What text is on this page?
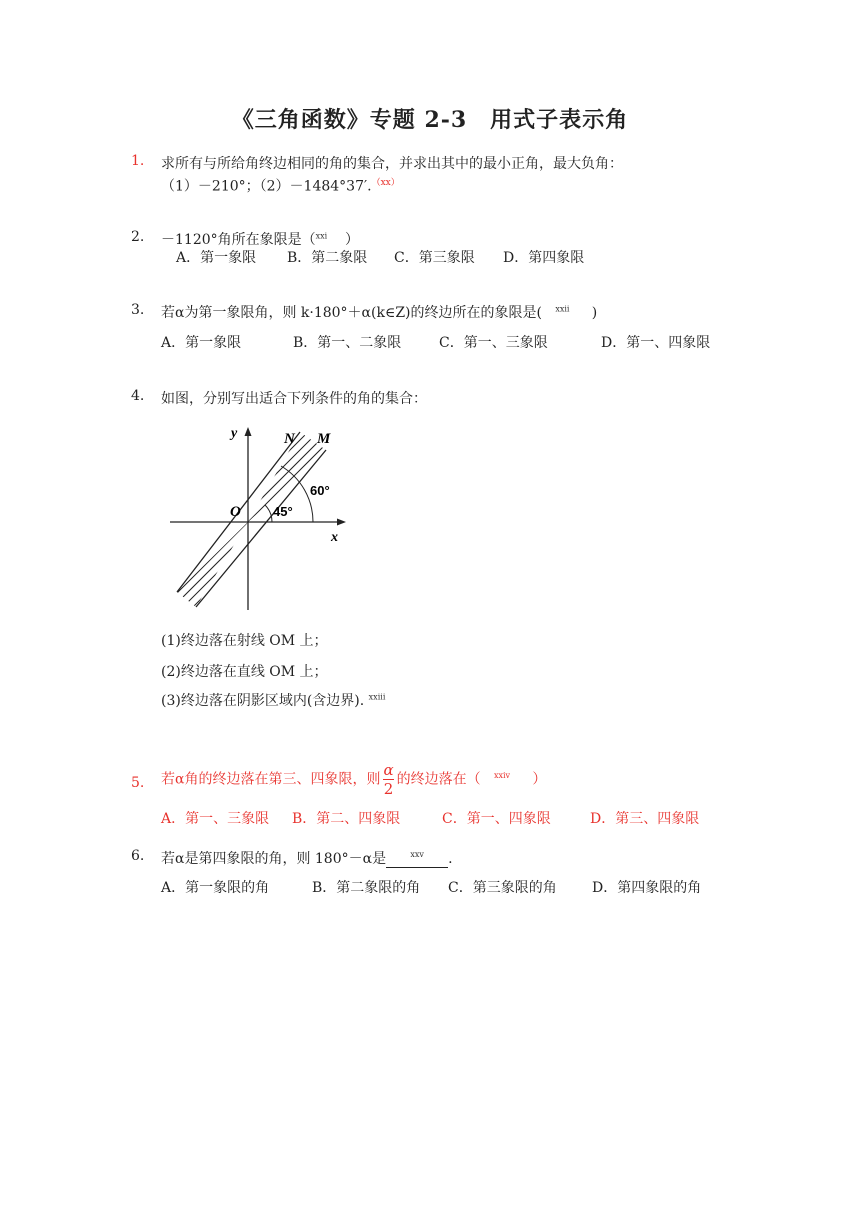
《三角函数》专题 2-3　用式子表示角
1. 求所有与所给角终边相同的角的集合，并求出其中的最小正角，最大负角：
（1）－210°；（2）－1484°37′.$^{(xx)}$
2. －1120°角所在象限是（$^{xxi}$ ）
A．第一象限 B．第二象限 C．第三象限 D．第四象限
3. 若α为第一象限角，则 k·180°＋α(k∈Z)的终边所在的象限是( $^{xxii}$ )
A．第一象限	B．第一、二象限	C．第一、三象限	D．第一、四象限
4. 如图，分别写出适合下列条件的角的集合：
y
x
O
N M
45°
60°
(1)终边落在射线 OM 上；
(2)终边落在直线 OM 上；
(3)终边落在阴影区域内(含边界). $^{xxiii}$
5. 若α角的终边落在第三、四象限，则 $\frac{\alpha}{2}$ 的终边落在（ $^{xxiv}$ ）
A．第一、三象限 B．第二、四象限	C．第一、四象限	D．第三、四象限
6. 若α是第四象限的角，则 180°－α是	$^{xxv}$ .
A．第一象限的角	B．第二象限的角 C．第三象限的角	D．第四象限的角
